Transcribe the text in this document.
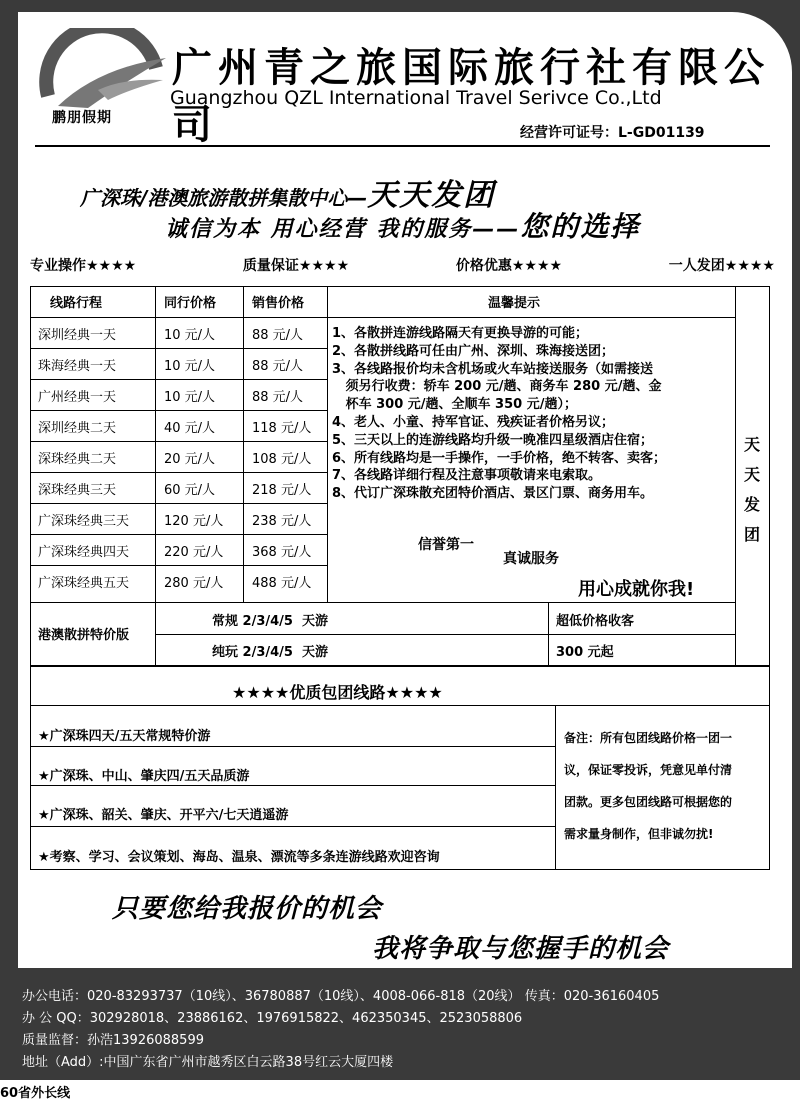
鹏朋假期
广州青之旅国际旅行社有限公司
Guangzhou QZL International Travel Serivce Co.,Ltd
经营许可证号：L-GD01139
广深珠/港澳旅游散拼集散中心—天天发团
诚信为本 用心经营 我的服务——您的选择
专业操作★★★★	质量保证★★★★	价格优惠★★★★	一人发团★★★★
线路行程	同行价格	销售价格	温馨提示
深圳经典一天	10 元/人	88 元/人
珠海经典一天	10 元/人	88 元/人
广州经典一天	10 元/人	88 元/人
深圳经典二天	40 元/人	118 元/人
深珠经典二天	20 元/人	108 元/人
深珠经典三天	60 元/人	218 元/人
广深珠经典三天	120 元/人 238 元/人
广深珠经典四天	220 元/人 368 元/人
广深珠经典五天	280 元/人 488 元/人
1、各散拼连游线路隔天有更换导游的可能；
2、各散拼线路可任由广州、深圳、珠海接送团；
3、各线路报价均未含机场或火车站接送服务（如需接送
须另行收费：轿车 200 元/趟、商务车 280 元/趟、金
杯车 300 元/趟、全顺车 350 元/趟）；
4、老人、小童、持军官证、残疾证者价格另议；
5、三天以上的连游线路均升级一晚准四星级酒店住宿；
6、所有线路均是一手操作，一手价格，绝不转客、卖客；
7、各线路详细行程及注意事项敬请来电索取。
8、代订广深珠散充团特价酒店、景区门票、商务用车。
信誉第一
真诚服务
用心成就你我!
天
天
发
团
港澳散拼特价版
常规 2/3/4/5  天游	超低价格收客
纯玩 2/3/4/5  天游	300 元起
★★★★优质包团线路★★★★
★广深珠四天/五天常规特价游
★广深珠、中山、肇庆四/五天品质游
★广深珠、韶关、肇庆、开平六/七天逍遥游
★考察、学习、会议策划、海岛、温泉、漂流等多条连游线路欢迎咨询
备注：所有包团线路价格一团一
议，保证零投诉，凭意见单付清
团款。更多包团线路可根据您的
需求量身制作，但非诚勿扰!
只要您给我报价的机会
我将争取与您握手的机会
办公电话：020-83293737（10线）、36780887（10线）、4008-066-818（20线） 传真：020-36160405
办 公 QQ：302928018、23886162、1976915822、462350345、2523058806
质量监督：孙浩13926088599
地址（Add）:中国广东省广州市越秀区白云路38号红云大厦四楼
60省外长线
